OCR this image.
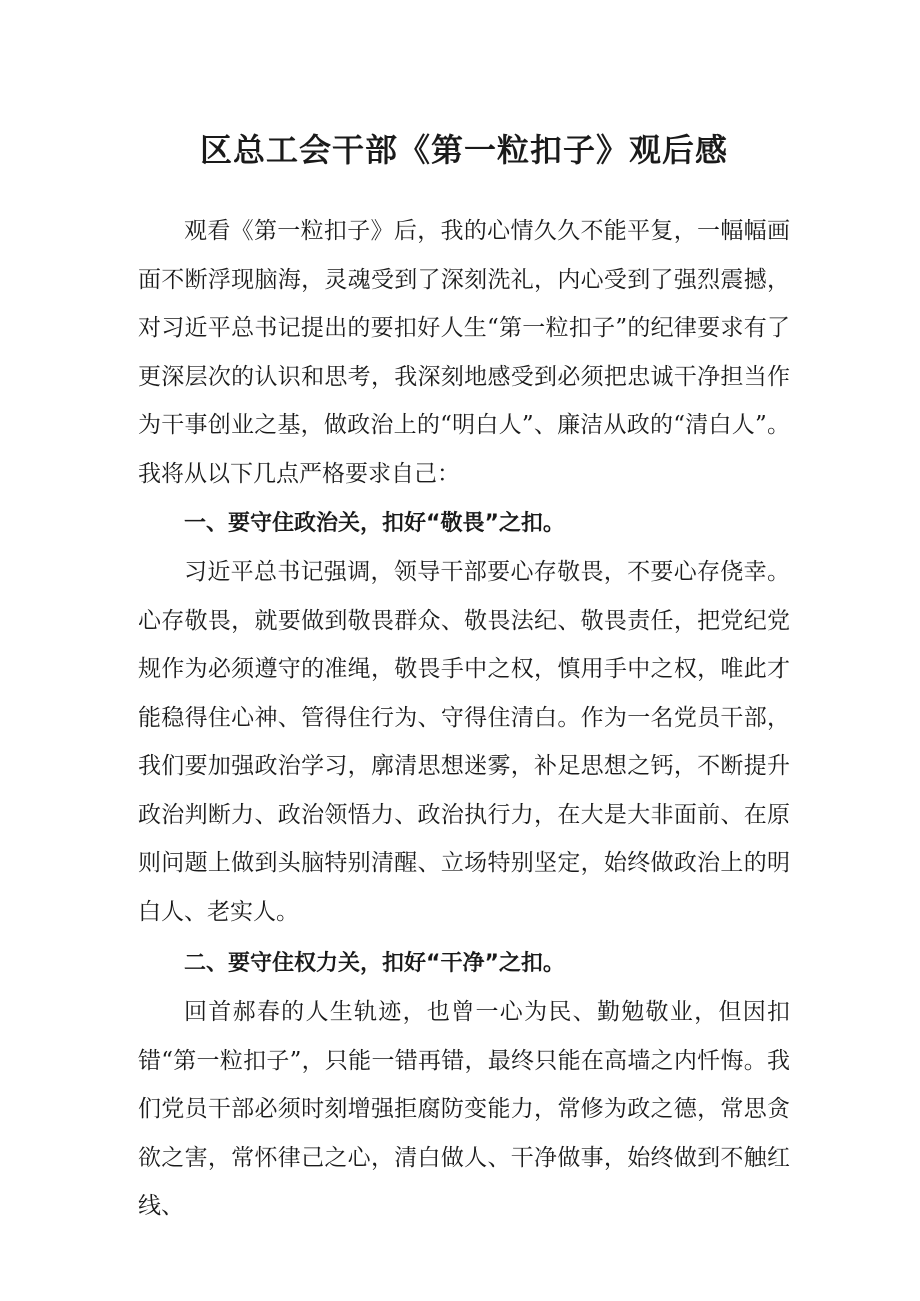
区总工会干部《第一粒扣子》观后感

观看《第一粒扣子》后，我的心情久久不能平复，一幅幅画面不断浮现脑海，灵魂受到了深刻洗礼，内心受到了强烈震撼，对习近平总书记提出的要扣好人生“第一粒扣子”的纪律要求有了更深层次的认识和思考，我深刻地感受到必须把忠诚干净担当作为干事创业之基，做政治上的“明白人”、廉洁从政的“清白人”。我将从以下几点严格要求自己：

一、要守住政治关，扣好“敬畏”之扣。

习近平总书记强调，领导干部要心存敬畏，不要心存侥幸。心存敬畏，就要做到敬畏群众、敬畏法纪、敬畏责任，把党纪党规作为必须遵守的准绳，敬畏手中之权，慎用手中之权，唯此才能稳得住心神、管得住行为、守得住清白。作为一名党员干部，我们要加强政治学习，廓清思想迷雾，补足思想之钙，不断提升政治判断力、政治领悟力、政治执行力，在大是大非面前、在原则问题上做到头脑特别清醒、立场特别坚定，始终做政治上的明白人、老实人。

二、要守住权力关，扣好“干净”之扣。

回首郝春的人生轨迹，也曾一心为民、勤勉敬业，但因扣错“第一粒扣子”，只能一错再错，最终只能在高墙之内忏悔。我们党员干部必须时刻增强拒腐防变能力，常修为政之德，常思贪欲之害，常怀律己之心，清白做人、干净做事，始终做到不触红线、
